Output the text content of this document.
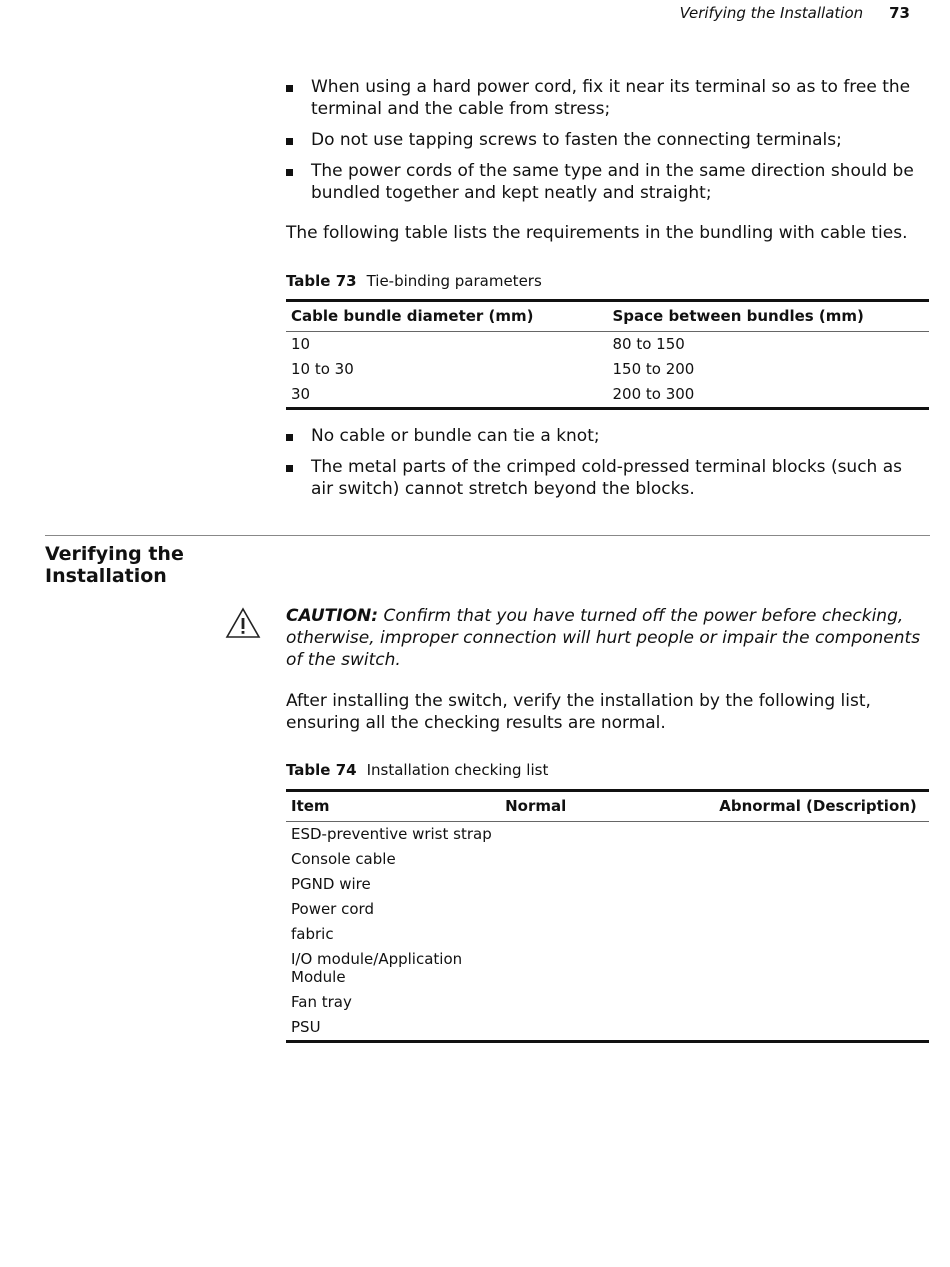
Verifying the Installation 73
When using a hard power cord, fix it near its terminal so as to free the terminal and the cable from stress;
Do not use tapping screws to fasten the connecting terminals;
The power cords of the same type and in the same direction should be bundled together and kept neatly and straight;

The following table lists the requirements in the bundling with cable ties.

Table 73 Tie-binding parameters
Cable bundle diameter (mm)	Space between bundles (mm)
10	80 to 150
10 to 30	150 to 200
30	200 to 300
No cable or bundle can tie a knot;
The metal parts of the crimped cold-pressed terminal blocks (such as air switch) cannot stretch beyond the blocks.
Verifying the
Installation
CAUTION: Confirm that you have turned off the power before checking, otherwise, improper connection will hurt people or impair the components of the switch.

After installing the switch, verify the installation by the following list, ensuring all the checking results are normal.

Table 74 Installation checking list
Item	Normal	Abnormal (Description)
ESD-preventive wrist strap		
Console cable		
PGND wire		
Power cord		
fabric		
I/O module/Application Module		
Fan tray		
PSU		
